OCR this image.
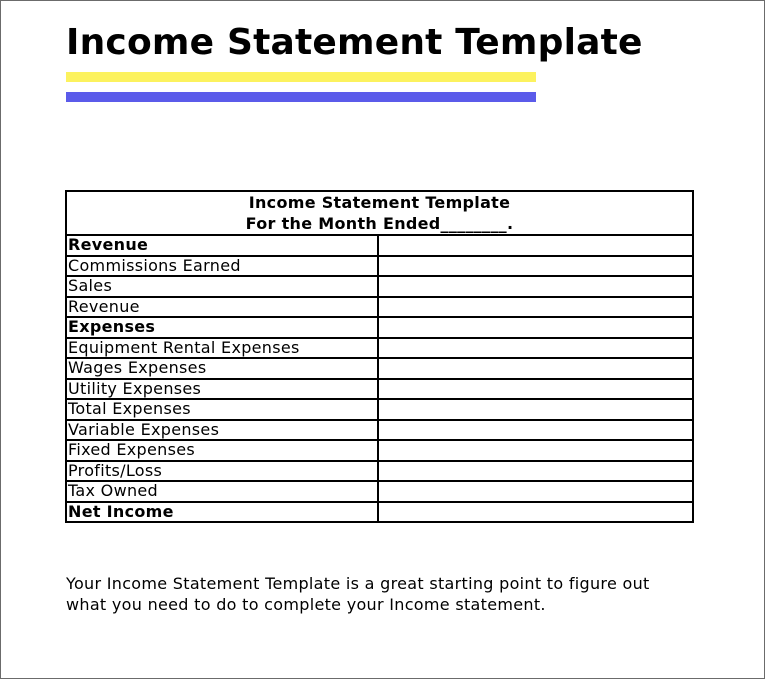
Income Statement Template
Income Statement Template
For the Month Ended________.	

Revenue	
Commissions Earned	
Sales	
Revenue	
Expenses	
Equipment Rental Expenses	
Wages Expenses	
Utility Expenses	
Total Expenses	
Variable Expenses	
Fixed Expenses	
Profits/Loss	
Tax Owned	
Net Income	
Your Income Statement Template is a great starting point to figure out
what you need to do to complete your Income statement.
